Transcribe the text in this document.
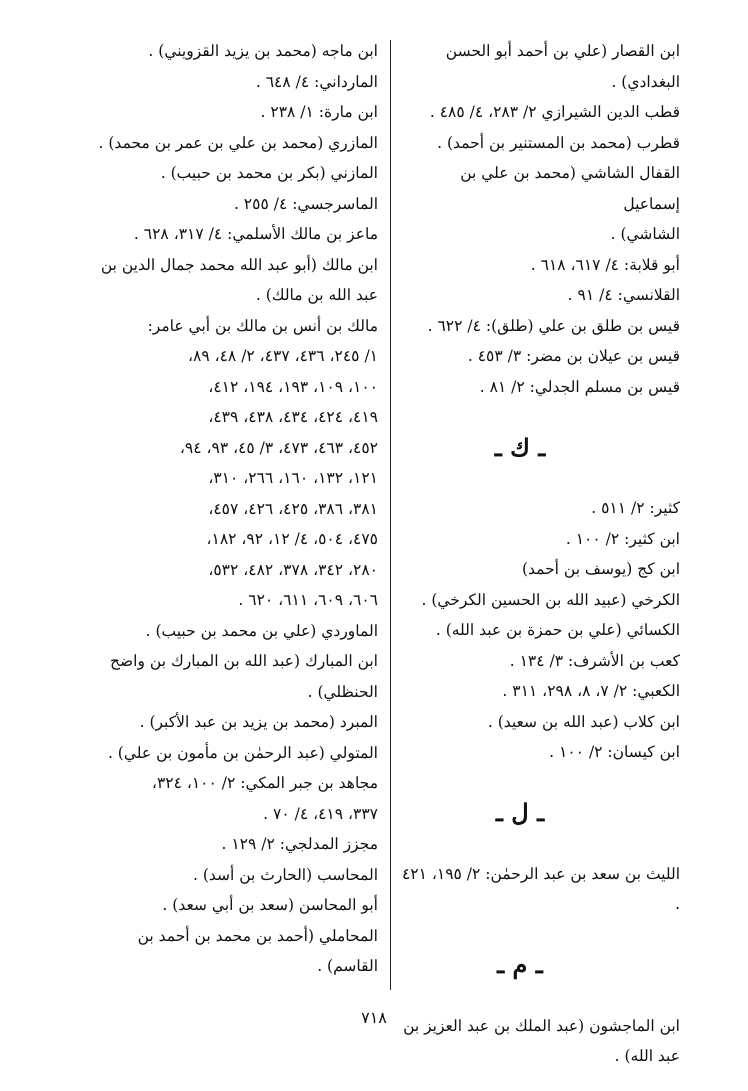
ابن القصار (علي بن أحمد أبو الحسن البغدادي) .
قطب الدين الشيرازي ٢/ ٢٨٣، ٤/ ٤٨٥ .
قطرب (محمد بن المستنير بن أحمد) .
القفال الشاشي (محمد بن علي بن إسماعيل
الشاشي) .
أبو قلابة: ٤/ ٦١٧، ٦١٨ .
القلانسي: ٤/ ٩١ .
قيس بن طلق بن علي (طلق): ٤/ ٦٢٢ .
قيس بن عيلان بن مضر: ٣/ ٤٥٣ .
قيس بن مسلم الجدلي: ٢/ ٨١ .
ـ ك ـ
كثير: ٢/ ٥١١ .
ابن كثير: ٢/ ١٠٠ .
ابن كج (يوسف بن أحمد)
الكرخي (عبيد الله بن الحسين الكرخي) .
الكسائي (علي بن حمزة بن عبد الله) .
كعب بن الأشرف: ٣/ ١٣٤ .
الكعبي: ٢/ ٧، ٨، ٢٩٨، ٣١١ .
ابن كلاب (عبد الله بن سعيد) .
ابن كيسان: ٢/ ١٠٠ .
ـ ل ـ
الليث بن سعد بن عبد الرحمٰن: ٢/ ١٩٥، ٤٢١ .
ـ م ـ
ابن الماجشون (عبد الملك بن عبد العزيز بن
عبد الله) .
ابن ماجه (محمد بن يزيد القزويني) .
المارداني: ٤/ ٦٤٨ .
ابن مارة: ١/ ٢٣٨ .
المازري (محمد بن علي بن عمر بن محمد) .
المازني (بكر بن محمد بن حبيب) .
الماسرجسي: ٤/ ٢٥٥ .
ماعز بن مالك الأسلمي: ٤/ ٣١٧، ٦٢٨ .
ابن مالك (أبو عبد الله محمد جمال الدين بن
عبد الله بن مالك) .
مالك بن أنس بن مالك بن أبي عامر:
١/ ٢٤٥، ٤٣٦، ٤٣٧، ٢/ ٤٨، ٨٩،
١٠٠، ١٠٩، ١٩٣، ١٩٤، ٤١٢،
٤١٩، ٤٢٤، ٤٣٤، ٤٣٨، ٤٣٩،
٤٥٢، ٤٦٣، ٤٧٣، ٣/ ٤٥، ٩٣، ٩٤،
١٢١، ١٣٢، ١٦٠، ٢٦٦، ٣١٠،
٣٨١، ٣٨٦، ٤٢٥، ٤٢٦، ٤٥٧،
٤٧٥، ٥٠٤، ٤/ ١٢، ٩٢، ١٨٢،
٢٨٠، ٣٤٢، ٣٧٨، ٤٨٢، ٥٣٢،
٦٠٦، ٦٠٩، ٦١١، ٦٢٠ .
الماوردي (علي بن محمد بن حبيب) .
ابن المبارك (عبد الله بن المبارك بن واضح
الحنظلي) .
المبرد (محمد بن يزيد بن عبد الأكبر) .
المتولي (عبد الرحمٰن بن مأمون بن علي) .
مجاهد بن جبر المكي: ٢/ ١٠٠، ٣٢٤،
٣٣٧، ٤١٩، ٤/ ٧٠ .
مجزز المدلجي: ٢/ ١٢٩ .
المحاسب (الحارث بن أسد) .
أبو المحاسن (سعد بن أبي سعد) .
المحاملي (أحمد بن محمد بن أحمد بن
القاسم) .
٧١٨
